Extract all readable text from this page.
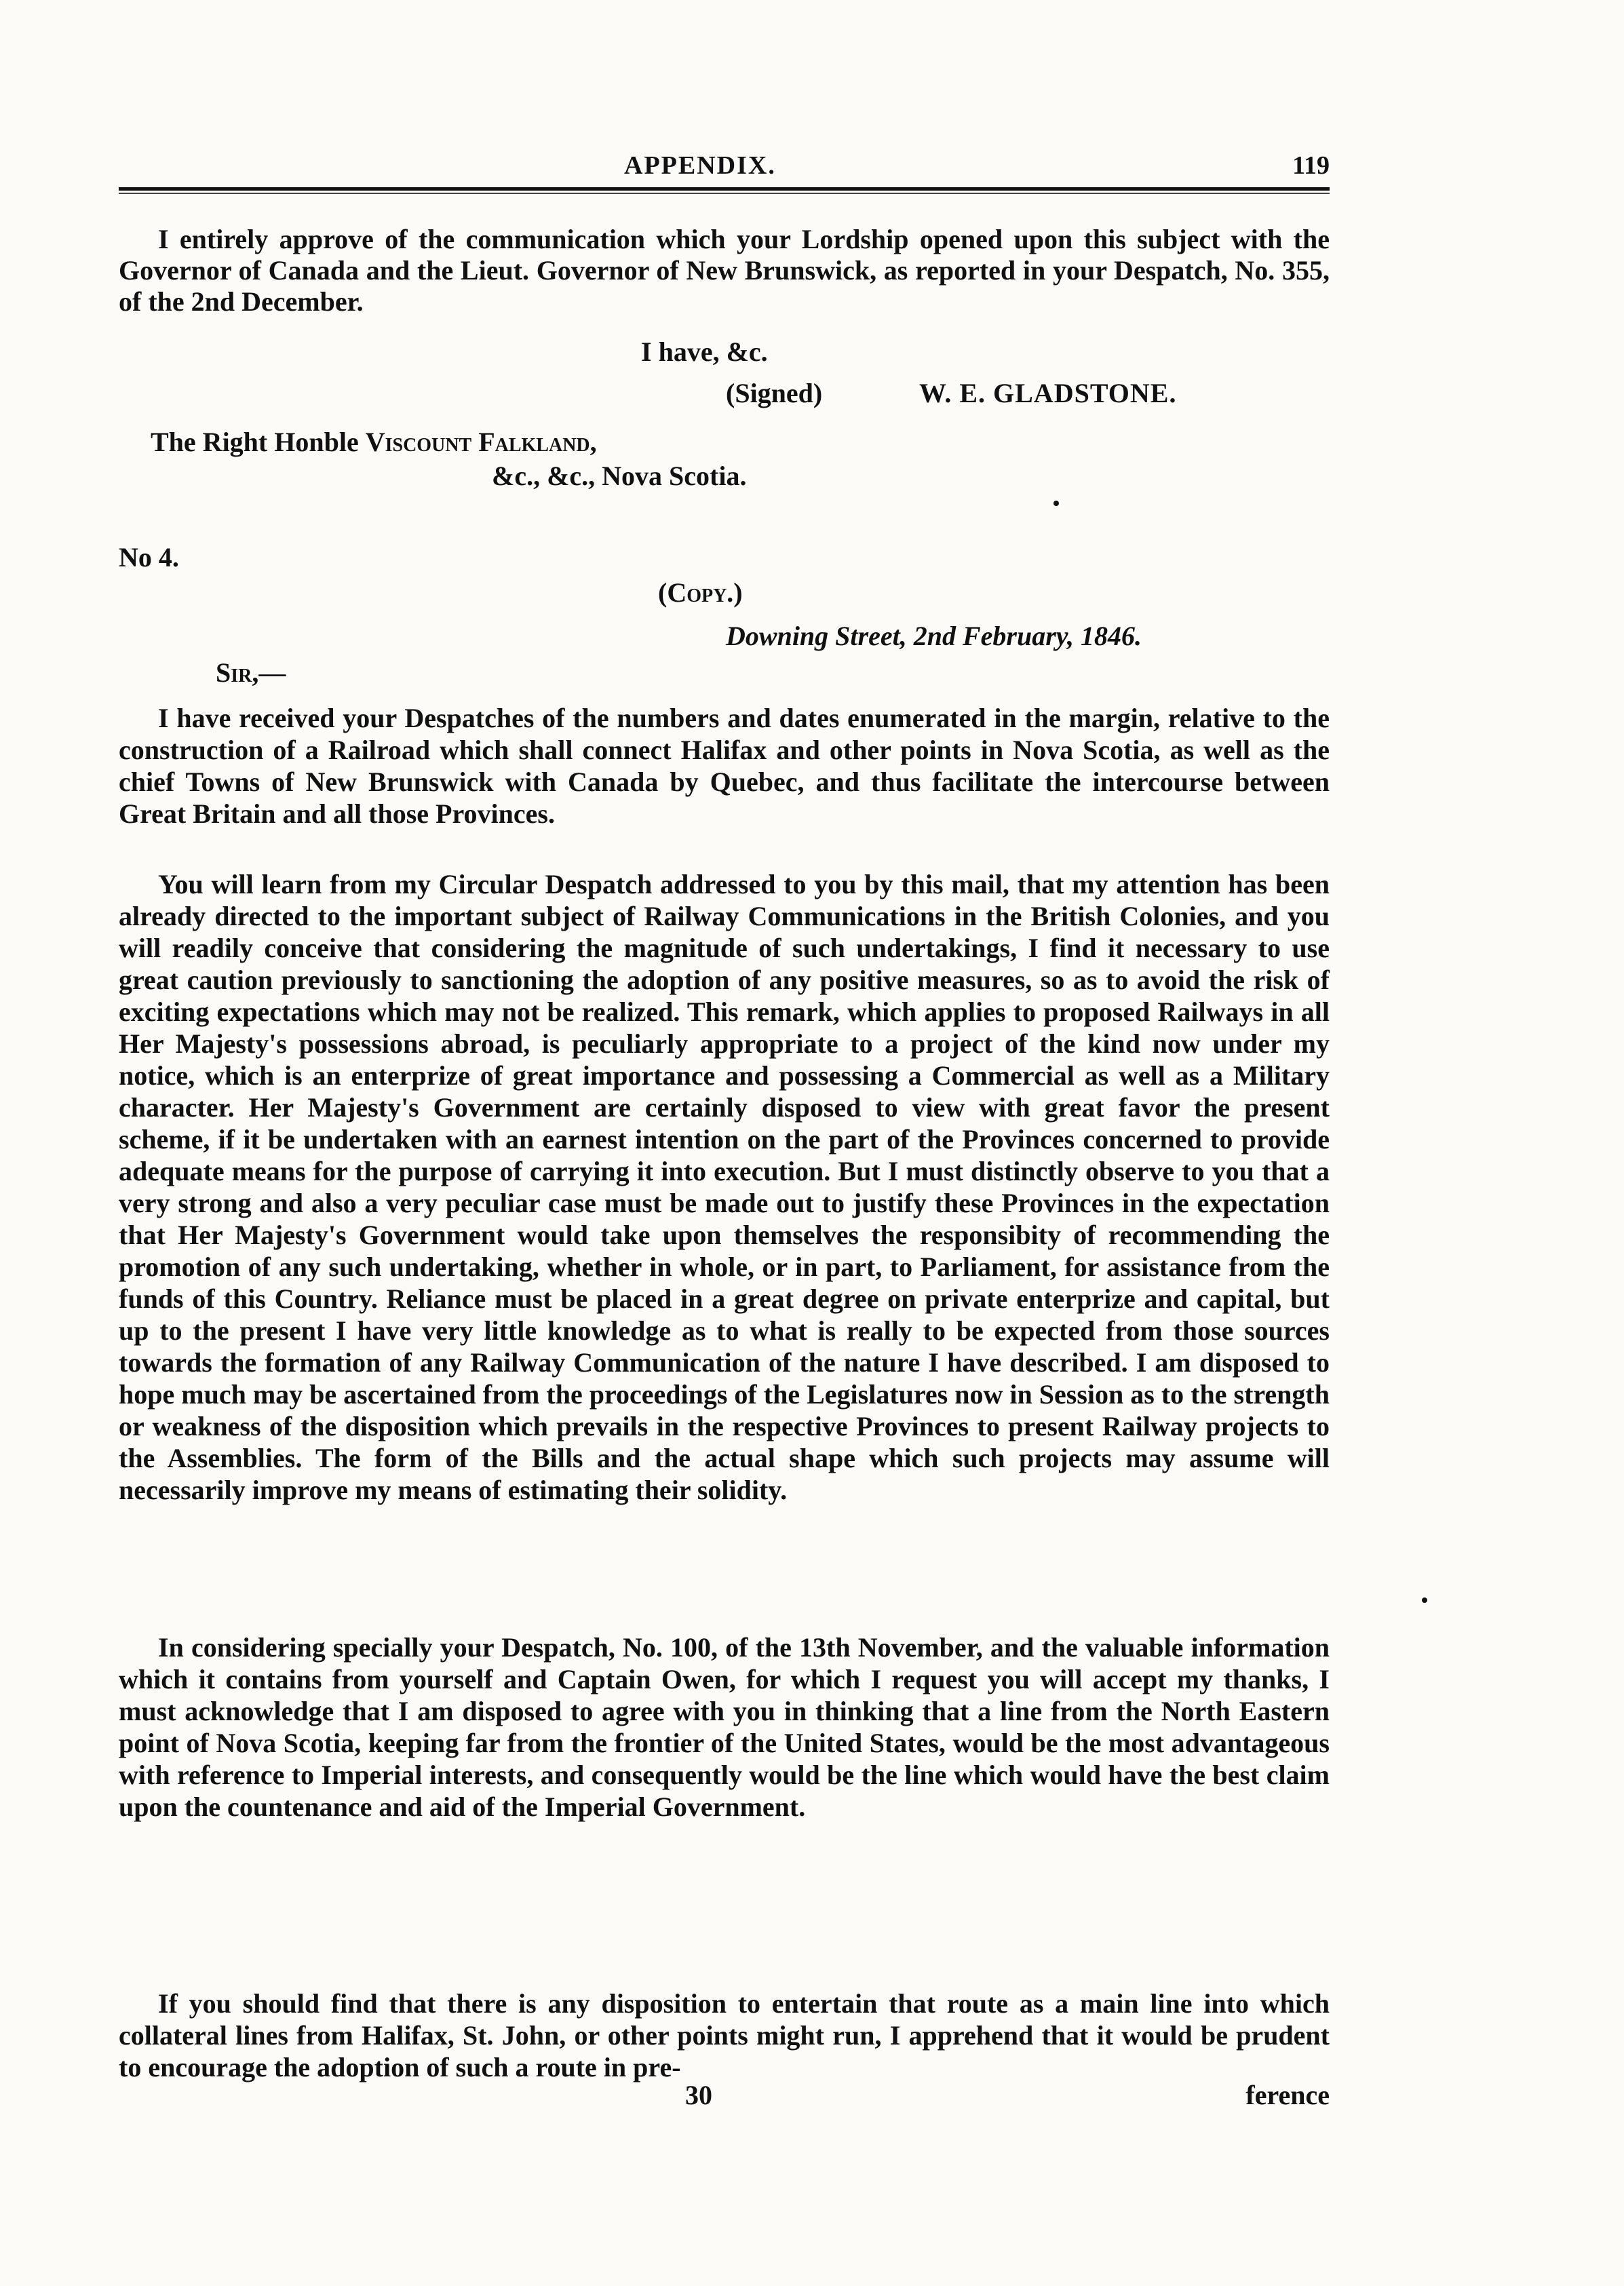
APPENDIX.	119

I entirely approve of the communication which your Lordship opened upon this subject with the Governor of Canada and the Lieut. Governor of New Brunswick, as reported in your Despatch, No. 355, of the 2nd December.

I have, &c.
(Signed)	W. E. GLADSTONE.
The Right Honble Viscount Falkland,
&c., &c., Nova Scotia.
No 4.
(Copy.)
Downing Street, 2nd February, 1846.
Sir,—

I have received your Despatches of the numbers and dates enumerated in the margin, relative to the construction of a Railroad which shall connect Halifax and other points in Nova Scotia, as well as the chief Towns of New Brunswick with Canada by Quebec, and thus facilitate the intercourse between Great Britain and all those Provinces.

You will learn from my Circular Despatch addressed to you by this mail, that my attention has been already directed to the important subject of Railway Communications in the British Colonies, and you will readily conceive that considering the magnitude of such undertakings, I find it necessary to use great caution previously to sanctioning the adoption of any positive measures, so as to avoid the risk of exciting expectations which may not be realized. This remark, which applies to proposed Railways in all Her Majesty's possessions abroad, is peculiarly appropriate to a project of the kind now under my notice, which is an enterprize of great importance and possessing a Commercial as well as a Military character. Her Majesty's Government are certainly disposed to view with great favor the present scheme, if it be undertaken with an earnest intention on the part of the Provinces concerned to provide adequate means for the purpose of carrying it into execution. But I must distinctly observe to you that a very strong and also a very peculiar case must be made out to justify these Provinces in the expectation that Her Majesty's Government would take upon themselves the responsibity of recommending the promotion of any such undertaking, whether in whole, or in part, to Parliament, for assistance from the funds of this Country. Reliance must be placed in a great degree on private enterprize and capital, but up to the present I have very little knowledge as to what is really to be expected from those sources towards the formation of any Railway Communication of the nature I have described. I am disposed to hope much may be ascertained from the proceedings of the Legislatures now in Session as to the strength or weakness of the disposition which prevails in the respective Provinces to present Railway projects to the Assemblies. The form of the Bills and the actual shape which such projects may assume will necessarily improve my means of estimating their solidity.

In considering specially your Despatch, No. 100, of the 13th November, and the valuable information which it contains from yourself and Captain Owen, for which I request you will accept my thanks, I must acknowledge that I am disposed to agree with you in thinking that a line from the North Eastern point of Nova Scotia, keeping far from the frontier of the United States, would be the most advantageous with reference to Imperial interests, and consequently would be the line which would have the best claim upon the countenance and aid of the Imperial Government.

If you should find that there is any disposition to entertain that route as a main line into which collateral lines from Halifax, St. John, or other points might run, I apprehend that it would be prudent to encourage the adoption of such a route in pre-

30	ference
